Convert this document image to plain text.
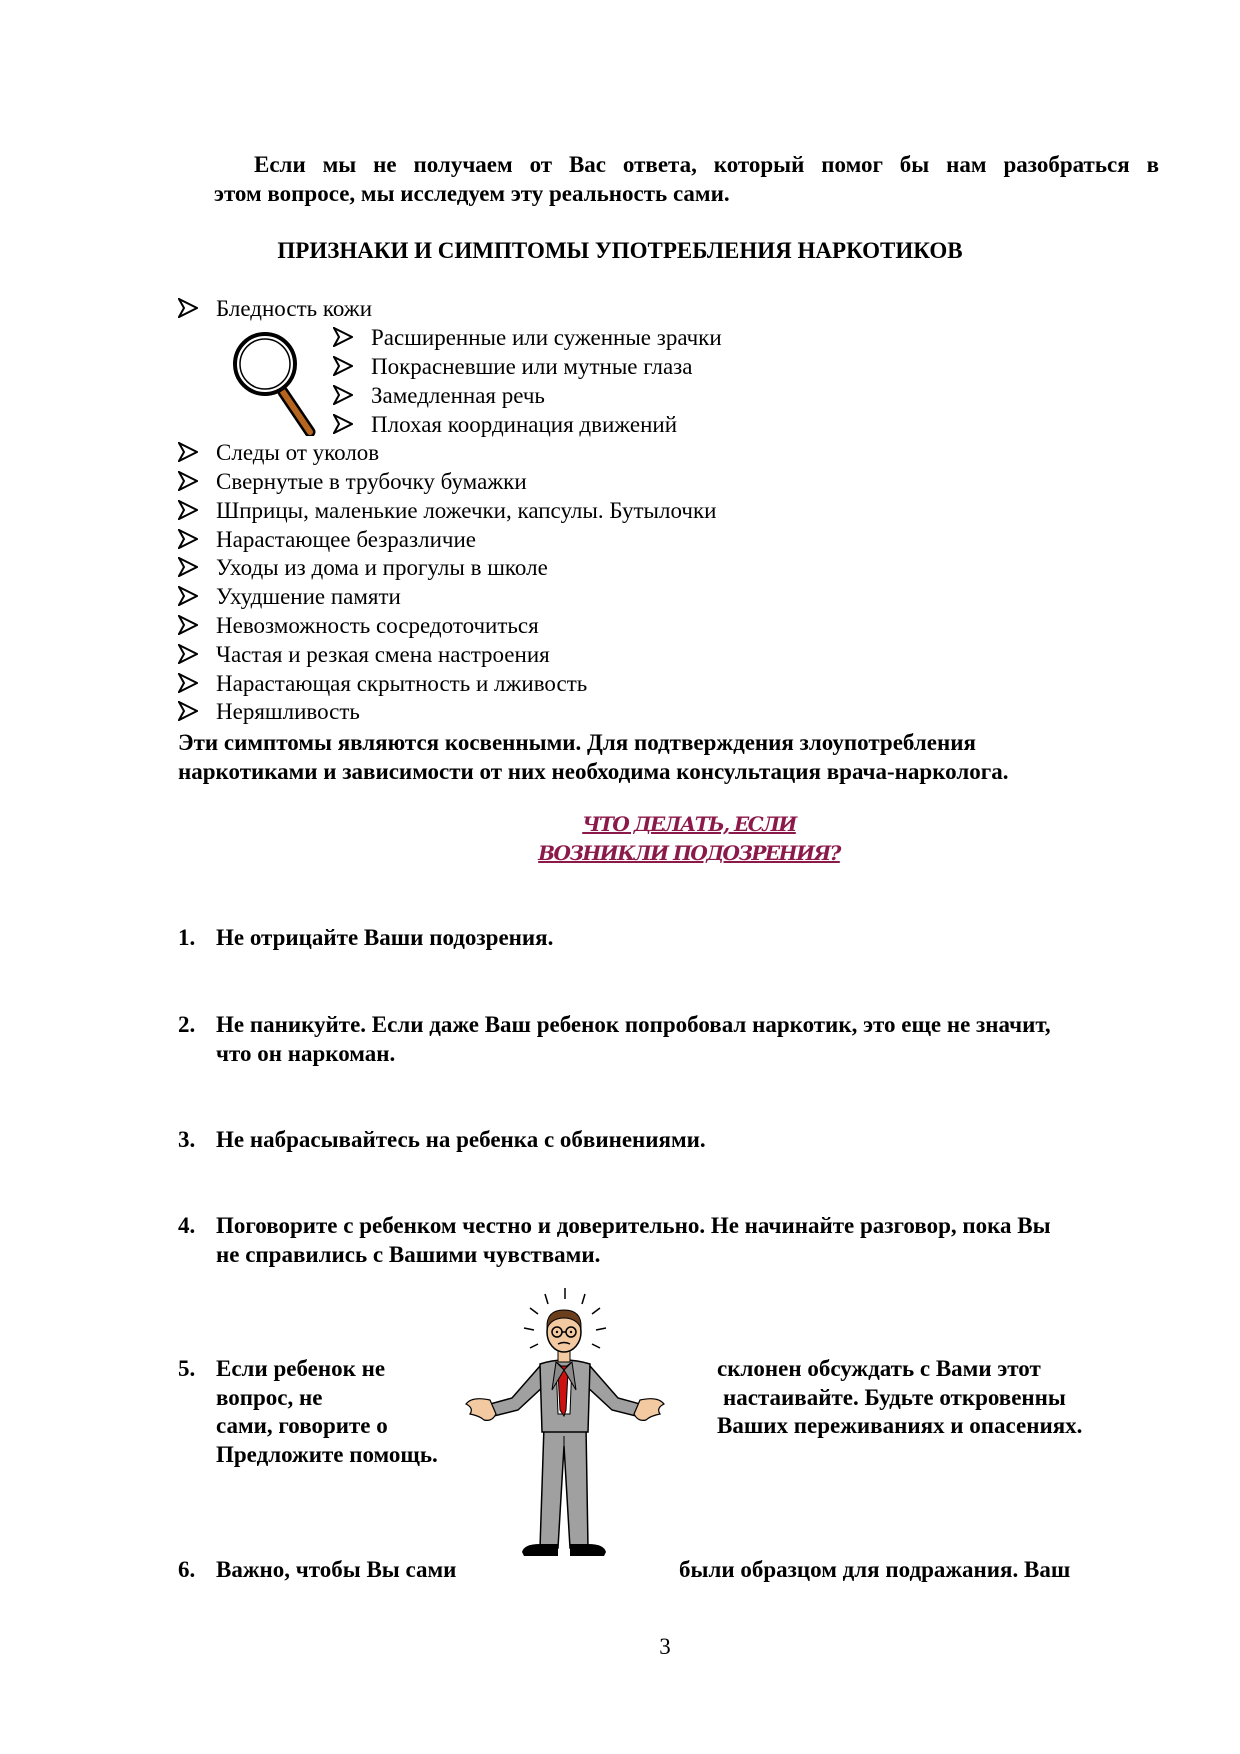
Если мы не получаем от Вас ответа, который помог бы нам разобраться в
этом вопросе, мы исследуем эту реальность сами.
ПРИЗНАКИ И СИМПТОМЫ УПОТРЕБЛЕНИЯ НАРКОТИКОВ
Бледность кожи
Расширенные или суженные зрачки
Покрасневшие или мутные глаза
Замедленная речь
Плохая координация движений
Следы от уколов
Свернутые в трубочку бумажки
Шприцы, маленькие ложечки, капсулы. Бутылочки
Нарастающее безразличие
Уходы из дома и прогулы в школе
Ухудшение памяти
Невозможность сосредоточиться
Частая и резкая смена настроения
Нарастающая скрытность и лживость
Неряшливость
Эти симптомы являются косвенными. Для подтверждения злоупотребления
наркотиками и зависимости от них необходима консультация врача-нарколога.
ЧТО ДЕЛАТЬ, ЕСЛИ
ВОЗНИКЛИ ПОДОЗРЕНИЯ?
1. Не отрицайте Ваши подозрения.
2. Не паникуйте. Если даже Ваш ребенок попробовал наркотик, это еще не значит,
что он наркоман.
3. Не набрасывайтесь на ребенка с обвинениями.
4. Поговорите с ребенком честно и доверительно. Не начинайте разговор, пока Вы
не справились с Вашими чувствами.
5. Если ребенок не
вопрос, не
сами, говорите о
Предложите помощь.
склонен обсуждать с Вами этот
настаивайте. Будьте откровенны
Ваших переживаниях и опасениях.
6. Важно, чтобы Вы сами	были образцом для подражания. Ваш
3
